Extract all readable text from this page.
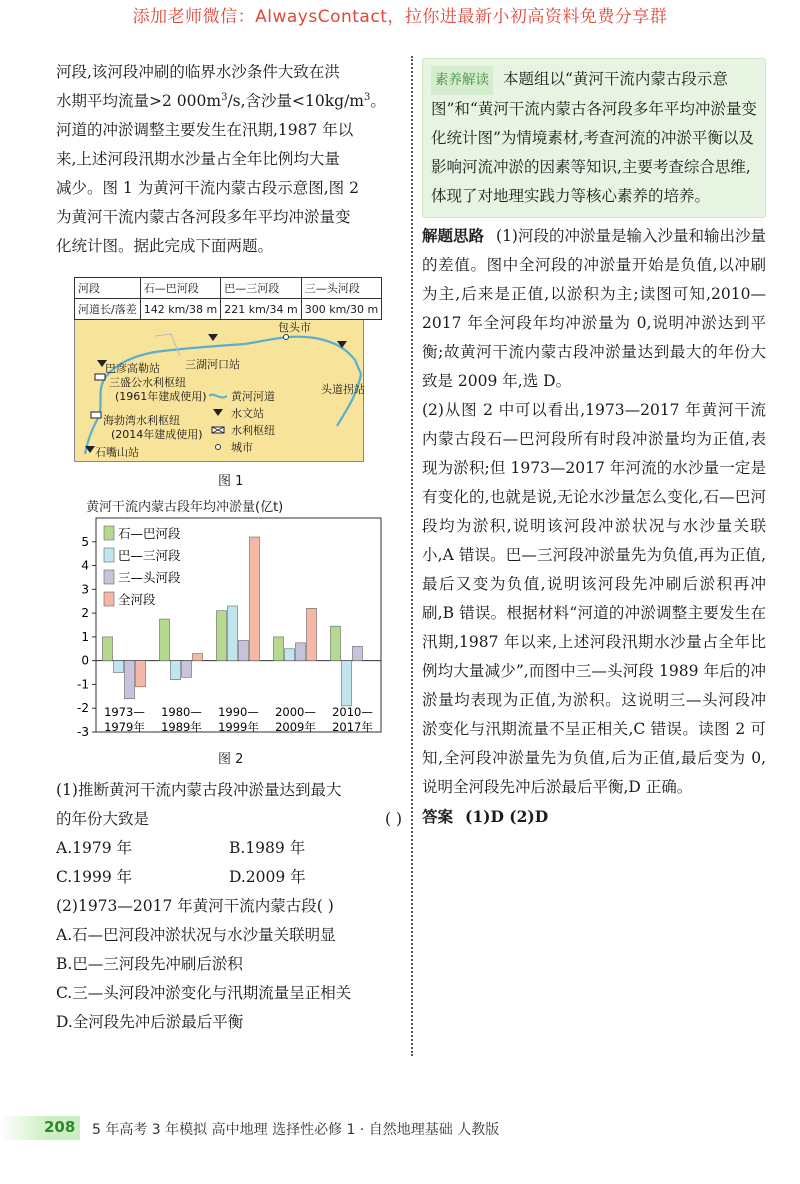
添加老师微信：AlwaysContact，拉你进最新小初高资料免费分享群

河段,该河段冲刷的临界水沙条件大致在洪

水期平均流量>2 $000m^3/s$,含沙量$<10kg/m^3$。

河道的冲淤调整主要发生在汛期,1987 年以

来,上述河段汛期水沙量占全年比例均大量

减少。图 1 为黄河干流内蒙古段示意图,图 2

为黄河干流内蒙古各河段多年平均冲淤量变

化统计图。据此完成下面两题。

河段	石—巴河段	巴—三河段	三—头河段
河道长/落差	142 km/38 m	221 km/34 m	300 km/30 m
包头市
三湖河口站
巴彦高勒站
三盛公水利枢纽
(1961年建成使用)
海勃湾水利枢纽
(2014年建成使用)
石嘴山站
头道拐站
黄河河道
水文站
水利枢纽
城市
图 1
黄河干流内蒙古段年均冲淤量(亿t)
-3
-2
-1
0
1
2
3
4
5
1973—
1979年
1980—
1989年
1990—
1999年
2000—
2009年
2010—
2017年
石—巴河段
巴—三河段
三—头河段
全河段
图 2

(1)推断黄河干流内蒙古段冲淤量达到最大

的年份大致是	( )

A.1979 年	B.1989 年
C.1999 年	D.2009 年

(2)1973—2017 年黄河干流内蒙古段( )

A.石—巴河段冲淤状况与水沙量关联明显

B.巴—三河段先冲刷后淤积

C.三—头河段冲淤变化与汛期流量呈正相关

D.全河段先冲后淤最后平衡

素养解读 本题组以“黄河干流内蒙古段示意图”和“黄河干流内蒙古各河段多年平均冲淤量变化统计图”为情境素材,考查河流的冲淤平衡以及影响河流冲淤的因素等知识,主要考查综合思维,体现了对地理实践力等核心素养的培养。

解题思路 (1)河段的冲淤量是输入沙量和输出沙量的差值。图中全河段的冲淤量开始是负值,以冲刷为主,后来是正值,以淤积为主;读图可知,2010—2017 年全河段年均冲淤量为 0,说明冲淤达到平衡;故黄河干流内蒙古段冲淤量达到最大的年份大致是 2009 年,选 D。

(2)从图 2 中可以看出,1973—2017 年黄河干流内蒙古段石—巴河段所有时段冲淤量均为正值,表现为淤积;但 1973—2017 年河流的水沙量一定是有变化的,也就是说,无论水沙量怎么变化,石—巴河段均为淤积,说明该河段冲淤状况与水沙量关联小,A 错误。巴—三河段冲淤量先为负值,再为正值,最后又变为负值,说明该河段先冲刷后淤积再冲刷,B 错误。根据材料“河道的冲淤调整主要发生在汛期,1987 年以来,上述河段汛期水沙量占全年比例均大量减少”,而图中三—头河段 1989 年后的冲淤量均表现为正值,为淤积。这说明三—头河段冲淤变化与汛期流量不呈正相关,C 错误。读图 2 可知,全河段冲淤量先为负值,后为正值,最后变为 0,说明全河段先冲后淤最后平衡,D 正确。

答案 (1)D (2)D

208 5 年高考 3 年模拟 高中地理 选择性必修 1 · 自然地理基础 人教版
